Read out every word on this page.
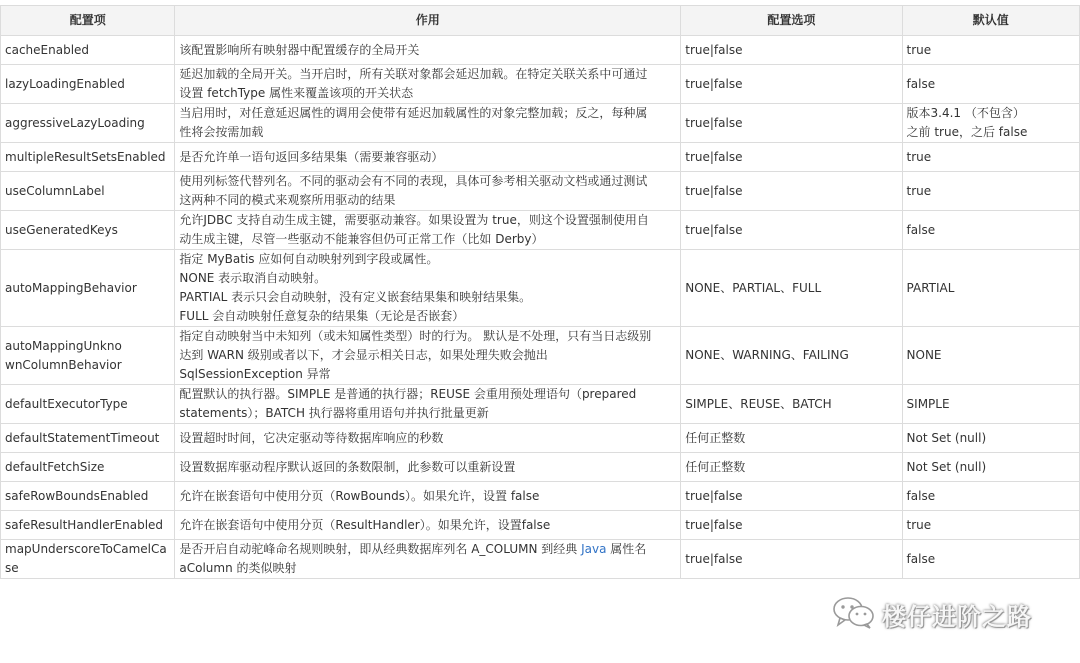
配置项	作用	配置选项	默认值
cacheEnabled	该配置影响所有映射器中配置缓存的全局开关	true|false	true
lazyLoadingEnabled	延迟加载的全局开关。当开启时，所有关联对象都会延迟加载。在特定关联关系中可通过
设置 fetchType 属性来覆盖该项的开关状态	true|false	false
aggressiveLazyLoading	当启用时，对任意延迟属性的调用会使带有延迟加载属性的对象完整加载；反之，每种属
性将会按需加载	true|false	版本3.4.1 （不包含）
之前 true，之后 false
multipleResultSetsEnabled	是否允许单一语句返回多结果集（需要兼容驱动）	true|false	true
useColumnLabel	使用列标签代替列名。不同的驱动会有不同的表现，具体可参考相关驱动文档或通过测试
这两种不同的模式来观察所用驱动的结果	true|false	true
useGeneratedKeys	允许JDBC 支持自动生成主键，需要驱动兼容。如果设置为 true，则这个设置强制使用自
动生成主键，尽管一些驱动不能兼容但仍可正常工作（比如 Derby）	true|false	false
autoMappingBehavior	指定 MyBatis 应如何自动映射列到字段或属性。
NONE 表示取消自动映射。
PARTIAL 表示只会自动映射，没有定义嵌套结果集和映射结果集。
FULL 会自动映射任意复杂的结果集（无论是否嵌套）	NONE、PARTIAL、FULL	PARTIAL
autoMappingUnkno
wnColumnBehavior	指定自动映射当中未知列（或未知属性类型）时的行为。 默认是不处理，只有当日志级别
达到 WARN 级别或者以下，才会显示相关日志，如果处理失败会抛出
SqlSessionException 异常	NONE、WARNING、FAILING	NONE
defaultExecutorType	配置默认的执行器。SIMPLE 是普通的执行器；REUSE 会重用预处理语句（prepared
statements）；BATCH 执行器将重用语句并执行批量更新	SIMPLE、REUSE、BATCH	SIMPLE
defaultStatementTimeout	设置超时时间，它决定驱动等待数据库响应的秒数	任何正整数	Not Set (null)
defaultFetchSize	设置数据库驱动程序默认返回的条数限制，此参数可以重新设置	任何正整数	Not Set (null)
safeRowBoundsEnabled	允许在嵌套语句中使用分页（RowBounds）。如果允许，设置 false	true|false	false
safeResultHandlerEnabled	允许在嵌套语句中使用分页（ResultHandler）。如果允许，设置false	true|false	true
mapUnderscoreToCamelCase	是否开启自动驼峰命名规则映射，即从经典数据库列名 A_COLUMN 到经典 Java 属性名
aColumn 的类似映射	true|false	false
楼仔进阶之路
